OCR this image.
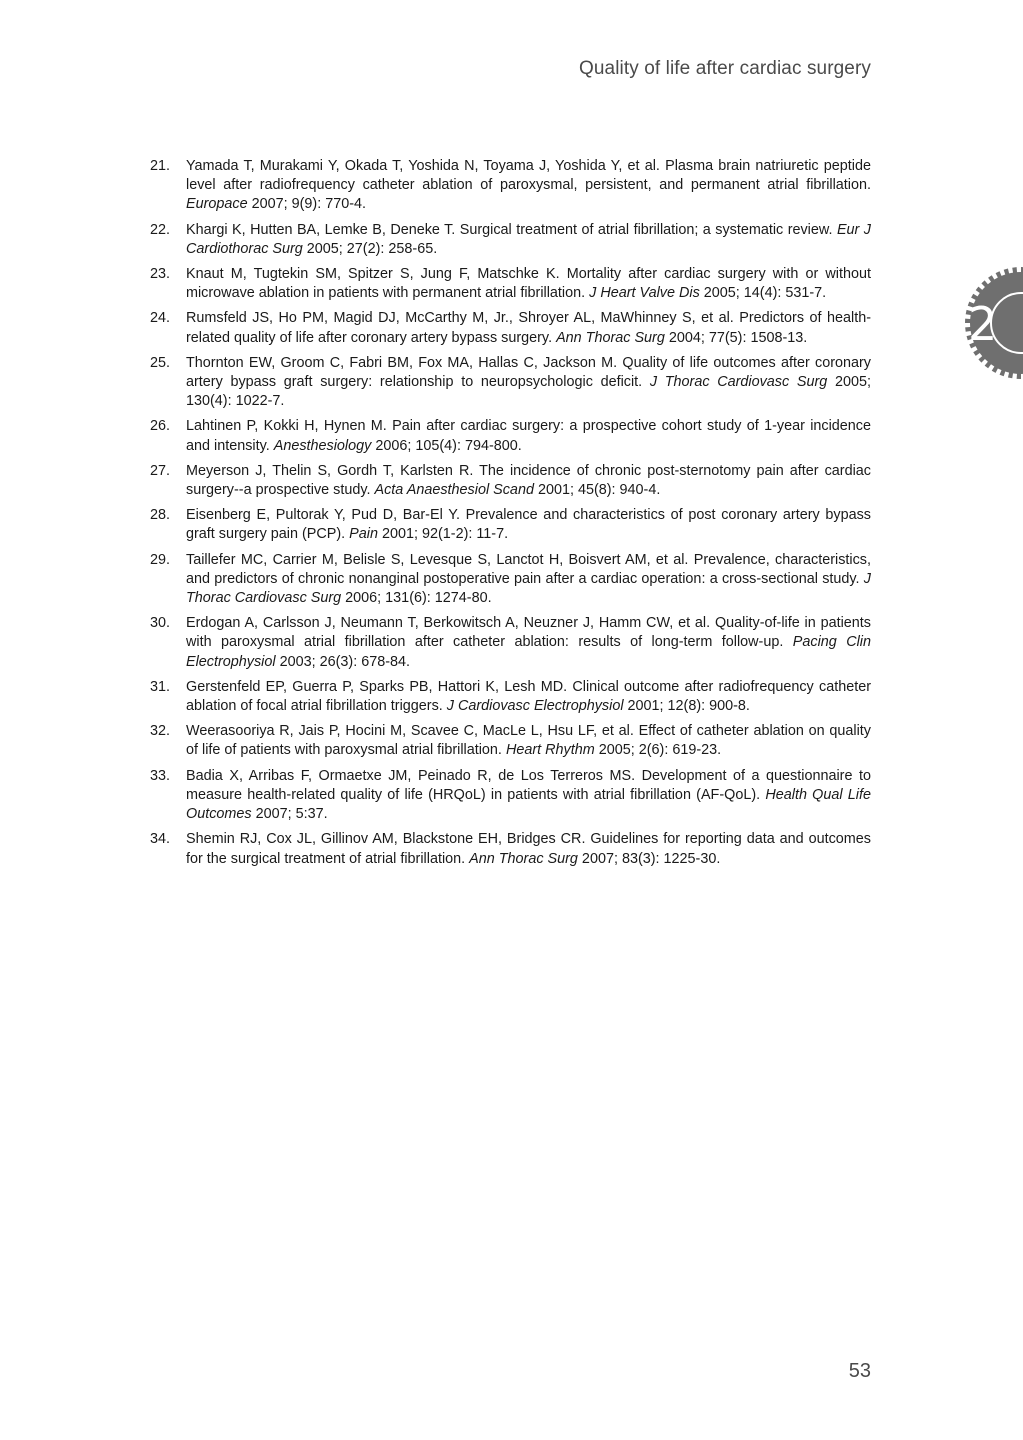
Quality of life after cardiac surgery
2
21.	Yamada T, Murakami Y, Okada T, Yoshida N, Toyama J, Yoshida Y, et al. Plasma brain natriuretic peptide level after radiofrequency catheter ablation of paroxysmal, persistent, and permanent atrial fibrillation. Europace 2007; 9(9): 770-4.
22.	Khargi K, Hutten BA, Lemke B, Deneke T. Surgical treatment of atrial fibrillation; a systematic review. Eur J Cardiothorac Surg 2005; 27(2): 258-65.
23.	Knaut M, Tugtekin SM, Spitzer S, Jung F, Matschke K. Mortality after cardiac surgery with or without microwave ablation in patients with permanent atrial fibrillation. J Heart Valve Dis 2005; 14(4): 531-7.
24.	Rumsfeld JS, Ho PM, Magid DJ, McCarthy M, Jr., Shroyer AL, MaWhinney S, et al. Predictors of health-related quality of life after coronary artery bypass surgery. Ann Thorac Surg 2004; 77(5): 1508-13.
25.	Thornton EW, Groom C, Fabri BM, Fox MA, Hallas C, Jackson M. Quality of life outcomes after coronary artery bypass graft surgery: relationship to neuropsychologic deficit. J Thorac Cardiovasc Surg 2005; 130(4): 1022-7.
26.	Lahtinen P, Kokki H, Hynen M. Pain after cardiac surgery: a prospective cohort study of 1-year incidence and intensity. Anesthesiology 2006; 105(4): 794-800.
27.	Meyerson J, Thelin S, Gordh T, Karlsten R. The incidence of chronic post-sternotomy pain after cardiac surgery--a prospective study. Acta Anaesthesiol Scand 2001; 45(8): 940-4.
28.	Eisenberg E, Pultorak Y, Pud D, Bar-El Y. Prevalence and characteristics of post coronary artery bypass graft surgery pain (PCP). Pain 2001; 92(1-2): 11-7.
29.	Taillefer MC, Carrier M, Belisle S, Levesque S, Lanctot H, Boisvert AM, et al. Prevalence, characteristics, and predictors of chronic nonanginal postoperative pain after a cardiac operation: a cross-sectional study. J Thorac Cardiovasc Surg 2006; 131(6): 1274-80.
30.	Erdogan A, Carlsson J, Neumann T, Berkowitsch A, Neuzner J, Hamm CW, et al. Quality-of-life in patients with paroxysmal atrial fibrillation after catheter ablation: results of long-term follow-up. Pacing Clin Electrophysiol 2003; 26(3): 678-84.
31.	Gerstenfeld EP, Guerra P, Sparks PB, Hattori K, Lesh MD. Clinical outcome after radiofrequency catheter ablation of focal atrial fibrillation triggers. J Cardiovasc Electrophysiol 2001; 12(8): 900-8.
32.	Weerasooriya R, Jais P, Hocini M, Scavee C, MacLe L, Hsu LF, et al. Effect of catheter ablation on quality of life of patients with paroxysmal atrial fibrillation. Heart Rhythm 2005; 2(6): 619-23.
33.	Badia X, Arribas F, Ormaetxe JM, Peinado R, de Los Terreros MS. Development of a questionnaire to measure health-related quality of life (HRQoL) in patients with atrial fibrillation (AF-QoL). Health Qual Life Outcomes 2007; 5:37.
34.	Shemin RJ, Cox JL, Gillinov AM, Blackstone EH, Bridges CR. Guidelines for reporting data and outcomes for the surgical treatment of atrial fibrillation. Ann Thorac Surg 2007; 83(3): 1225-30.
53
